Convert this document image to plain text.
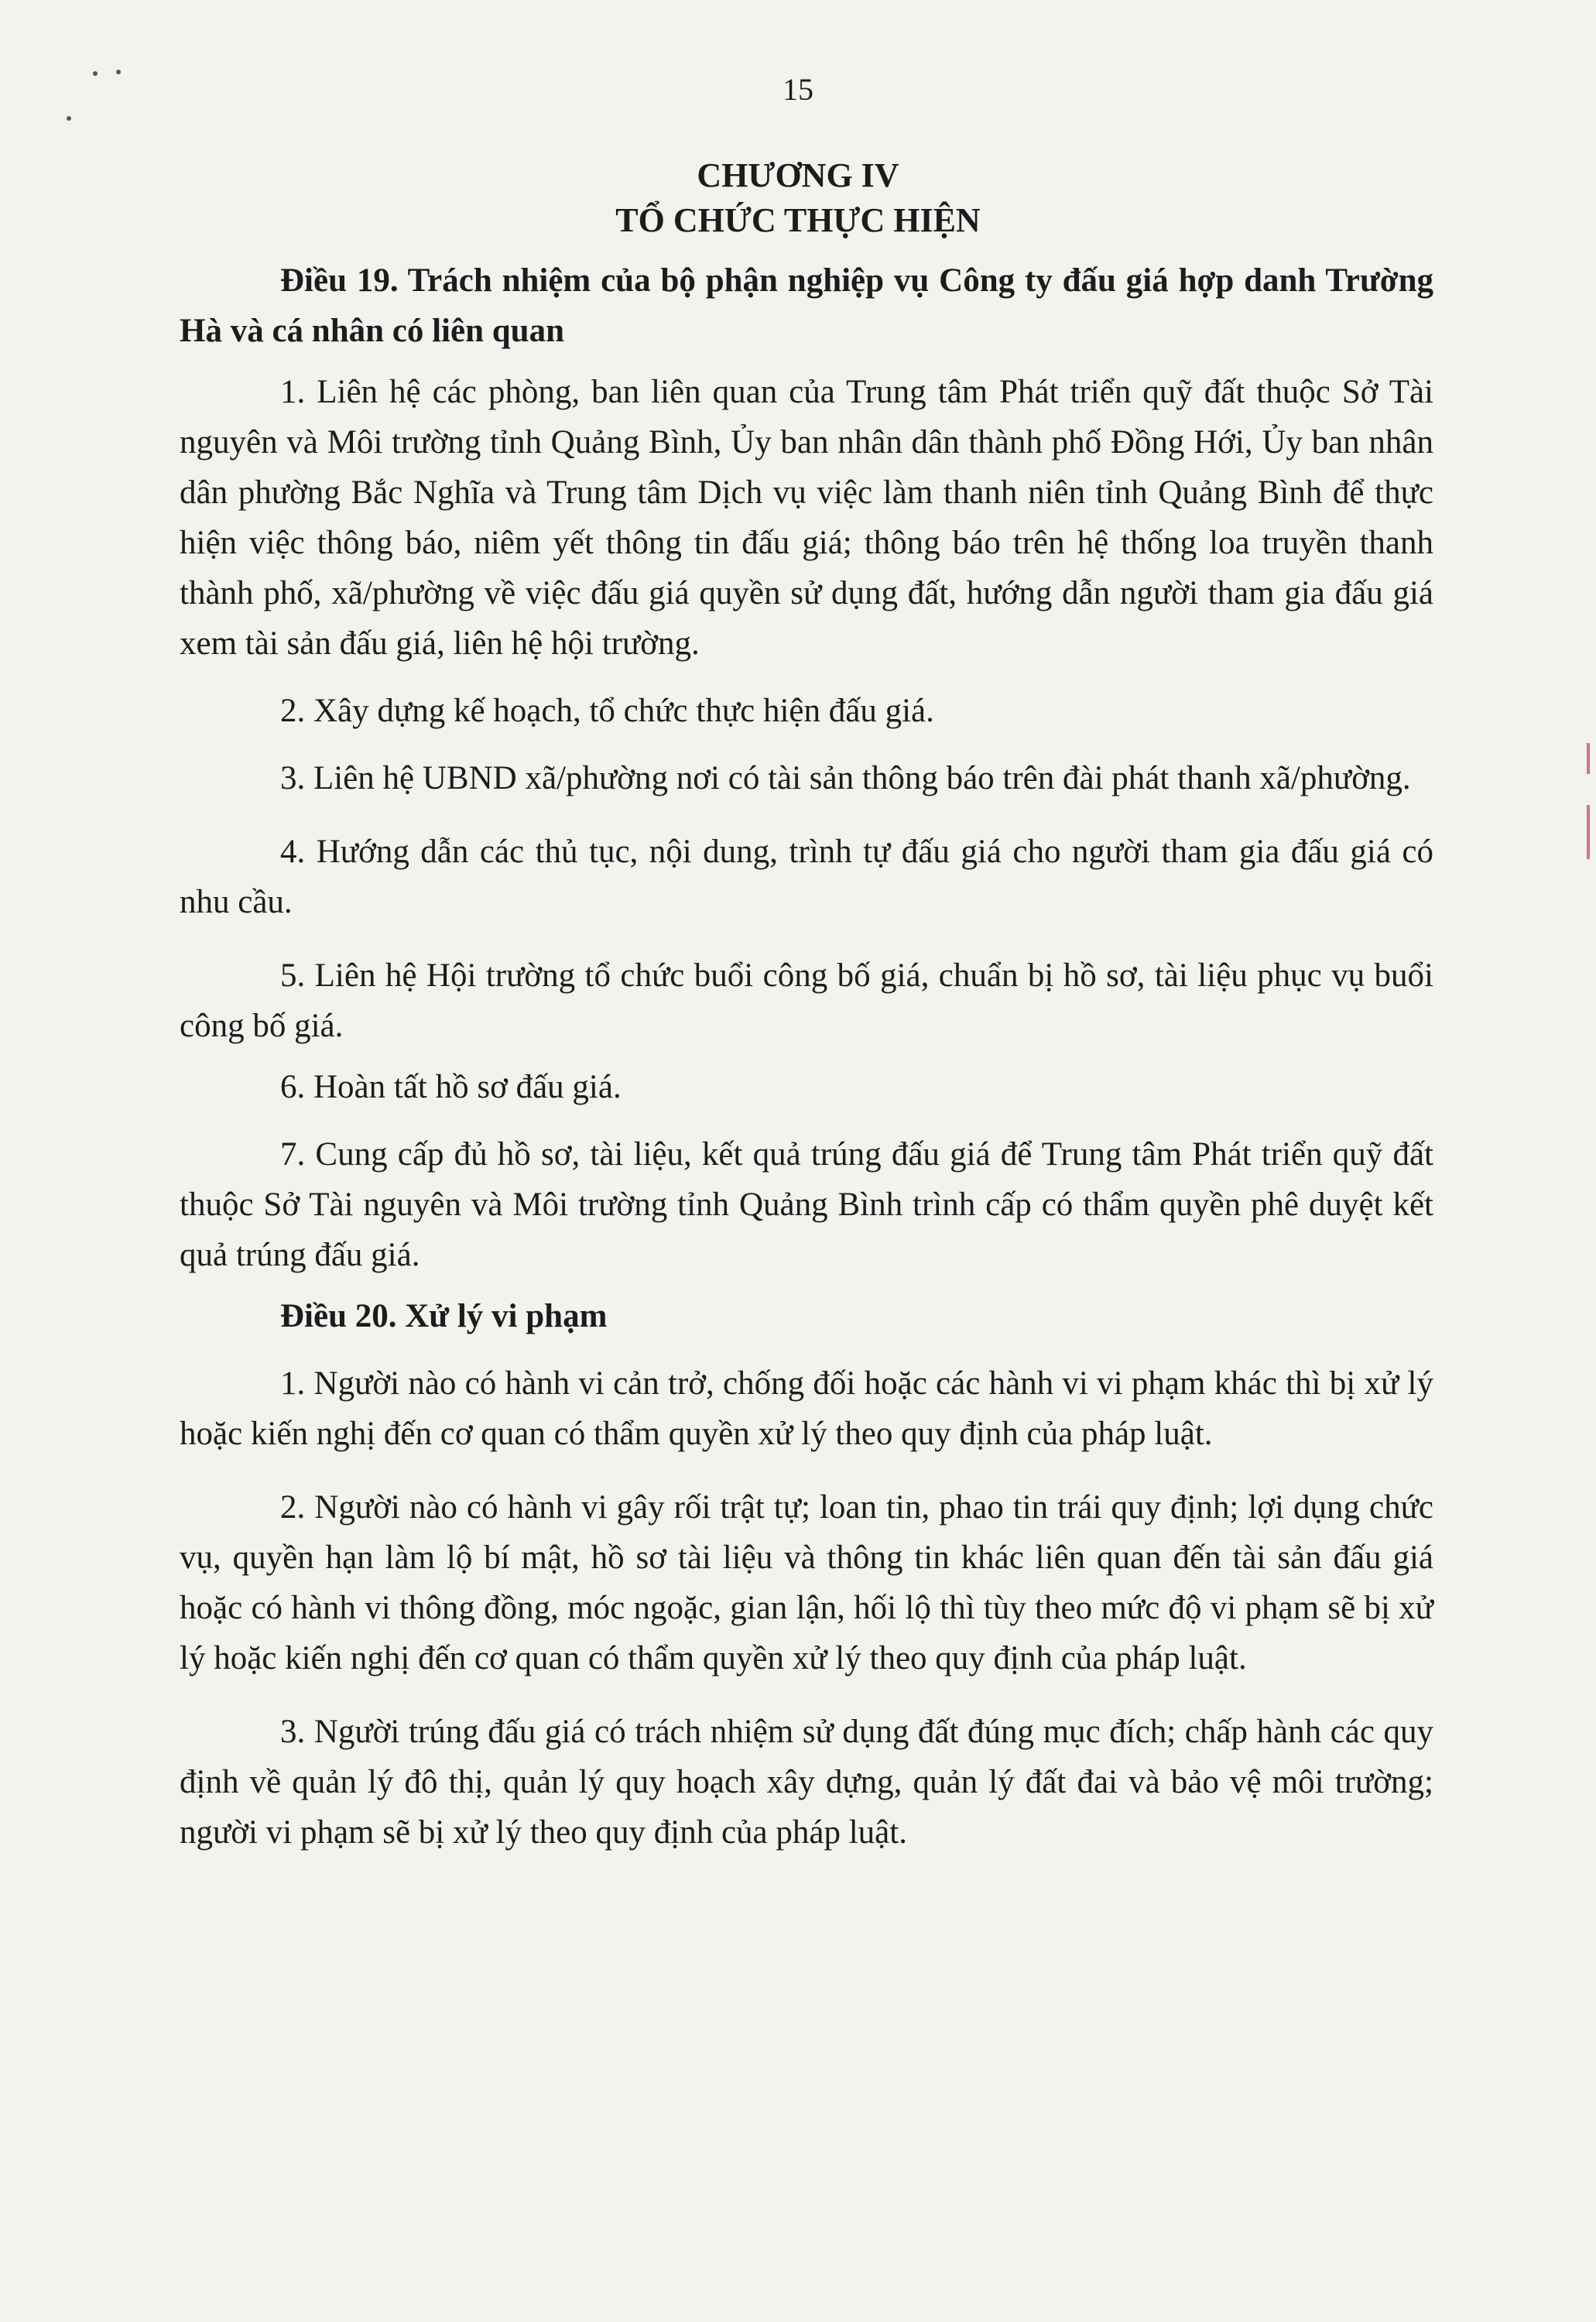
15
CHƯƠNG IV
TỔ CHỨC THỰC HIỆN

Điều 19. Trách nhiệm của bộ phận nghiệp vụ Công ty đấu giá hợp danh Trường Hà và cá nhân có liên quan

1. Liên hệ các phòng, ban liên quan của Trung tâm Phát triển quỹ đất thuộc Sở Tài nguyên và Môi trường tỉnh Quảng Bình, Ủy ban nhân dân thành phố Đồng Hới, Ủy ban nhân dân phường Bắc Nghĩa và Trung tâm Dịch vụ việc làm thanh niên tỉnh Quảng Bình để thực hiện việc thông báo, niêm yết thông tin đấu giá; thông báo trên hệ thống loa truyền thanh thành phố, xã/phường về việc đấu giá quyền sử dụng đất, hướng dẫn người tham gia đấu giá xem tài sản đấu giá, liên hệ hội trường.

2. Xây dựng kế hoạch, tổ chức thực hiện đấu giá.

3. Liên hệ UBND xã/phường nơi có tài sản thông báo trên đài phát thanh xã/phường.

4. Hướng dẫn các thủ tục, nội dung, trình tự đấu giá cho người tham gia đấu giá có nhu cầu.

5. Liên hệ Hội trường tổ chức buổi công bố giá, chuẩn bị hồ sơ, tài liệu phục vụ buổi công bố giá.

6. Hoàn tất hồ sơ đấu giá.

7. Cung cấp đủ hồ sơ, tài liệu, kết quả trúng đấu giá để Trung tâm Phát triển quỹ đất thuộc Sở Tài nguyên và Môi trường tỉnh Quảng Bình trình cấp có thẩm quyền phê duyệt kết quả trúng đấu giá.

Điều 20. Xử lý vi phạm

1. Người nào có hành vi cản trở, chống đối hoặc các hành vi vi phạm khác thì bị xử lý hoặc kiến nghị đến cơ quan có thẩm quyền xử lý theo quy định của pháp luật.

2. Người nào có hành vi gây rối trật tự; loan tin, phao tin trái quy định; lợi dụng chức vụ, quyền hạn làm lộ bí mật, hồ sơ tài liệu và thông tin khác liên quan đến tài sản đấu giá hoặc có hành vi thông đồng, móc ngoặc, gian lận, hối lộ thì tùy theo mức độ vi phạm sẽ bị xử lý hoặc kiến nghị đến cơ quan có thẩm quyền xử lý theo quy định của pháp luật.

3. Người trúng đấu giá có trách nhiệm sử dụng đất đúng mục đích; chấp hành các quy định về quản lý đô thị, quản lý quy hoạch xây dựng, quản lý đất đai và bảo vệ môi trường; người vi phạm sẽ bị xử lý theo quy định của pháp luật.
